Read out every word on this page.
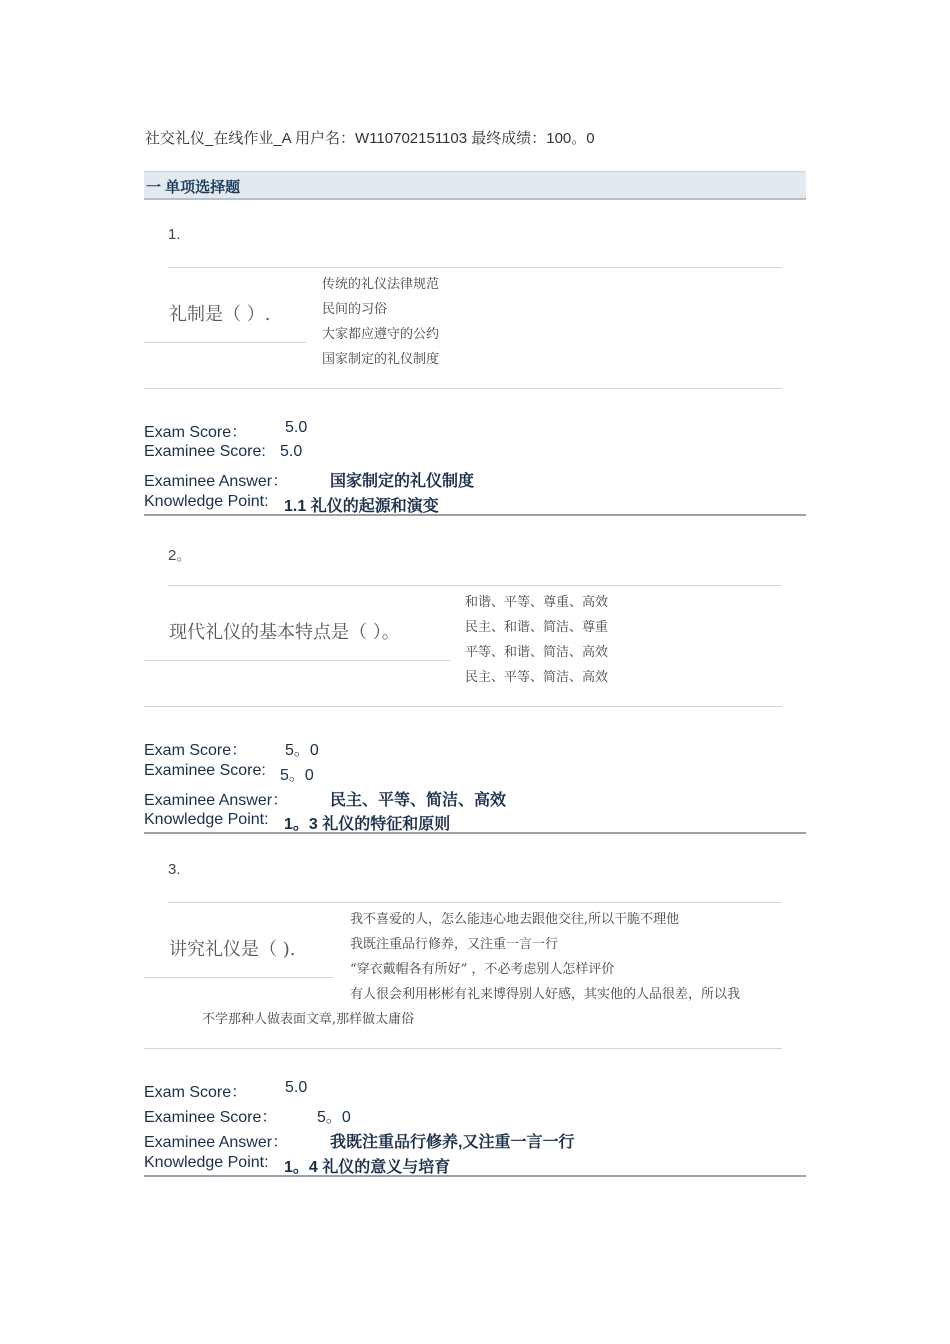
社交礼仪_在线作业_A 用户名：W110702151103 最终成绩：100。0
一 单项选择题
1.
礼制是（ ）.
传统的礼仪法律规范
民间的习俗
大家都应遵守的公约
国家制定的礼仪制度
Exam Score： 5.0
Examinee Score: 5.0
Examinee Answer：	国家制定的礼仪制度
Knowledge Point: 1.1 礼仪的起源和演变
2。
现代礼仪的基本特点是（ ）。
和谐、平等、尊重、高效
民主、和谐、简洁、尊重
平等、和谐、简洁、高效
民主、平等、简洁、高效
Exam Score： 5。0
Examinee Score: 5。0
Examinee Answer：	民主、平等、简洁、高效
Knowledge Point: 1。3 礼仪的特征和原则
3.
讲究礼仪是（ ).
我不喜爱的人，怎么能违心地去跟他交往,所以干脆不理他
我既注重品行修养，又注重一言一行
“穿衣戴帽各有所好” ，不必考虑别人怎样评价
有人很会利用彬彬有礼来博得别人好感，其实他的人品很差，所以我
不学那种人做表面文章,那样做太庸俗
Exam Score： 5.0
Examinee Score： 5。0
Examinee Answer：	我既注重品行修养,又注重一言一行
Knowledge Point: 1。4 礼仪的意义与培育
